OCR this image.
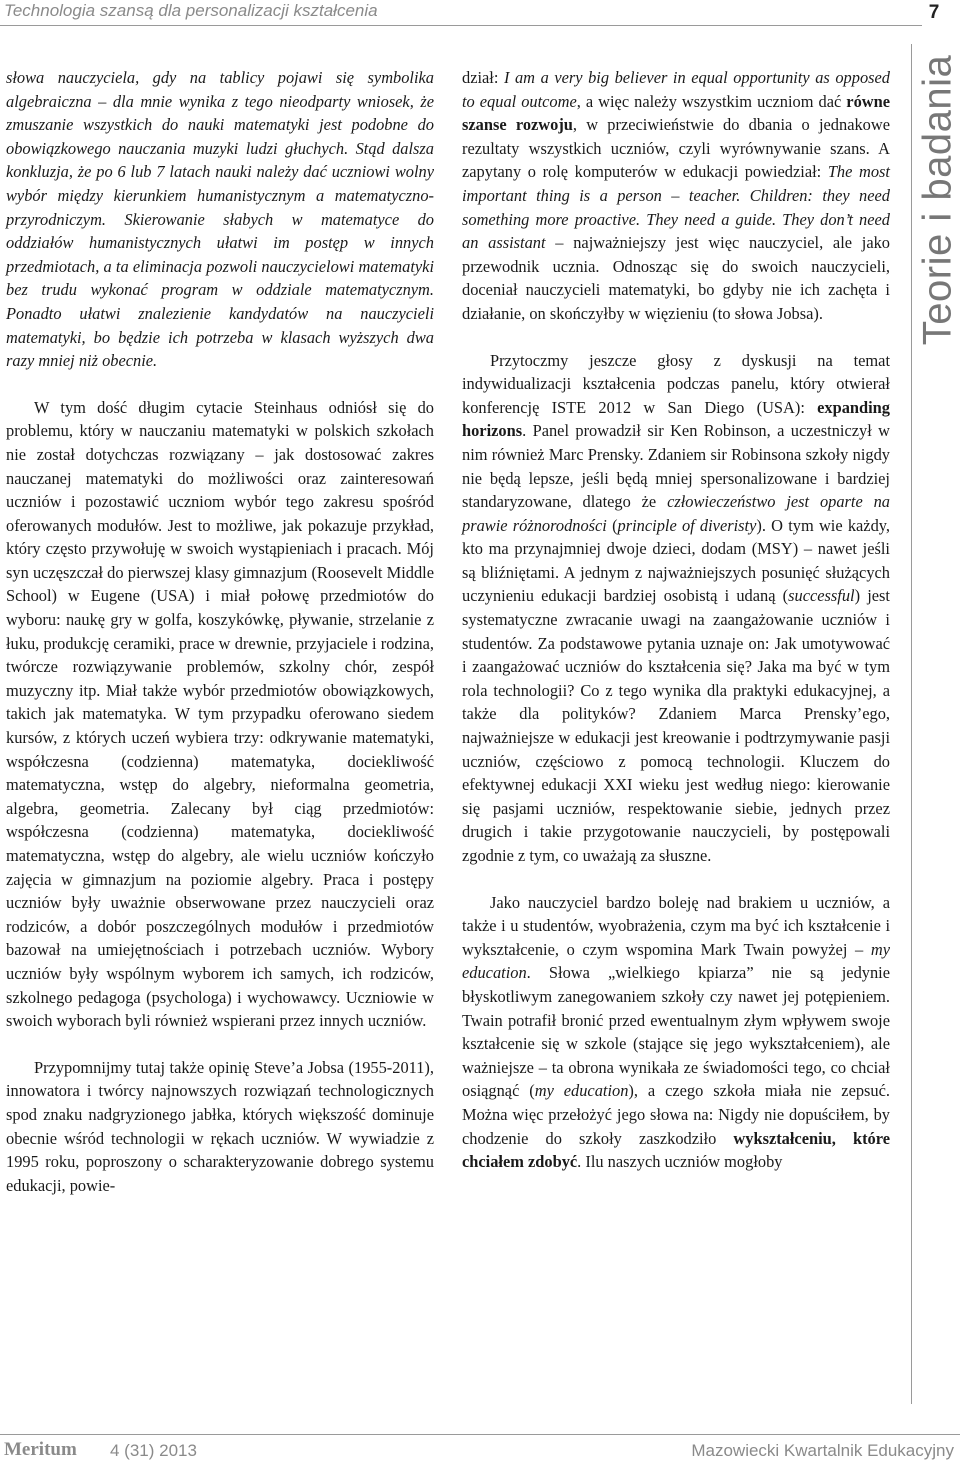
Technologia szansą dla personalizacji kształcenia	7
Teorie i badania

słowa nauczyciela, gdy na tablicy pojawi się symbolika algebraiczna – dla mnie wynika z tego nieodparty wniosek, że zmuszanie wszystkich do nauki matematyki jest podobne do obowiązkowego nauczania muzyki ludzi głuchych. Stąd dalsza konkluzja, że po 6 lub 7 latach nauki należy dać uczniowi wolny wybór między kierunkiem humanistycznym a matematyczno-przyrodniczym. Skierowanie słabych w matematyce do oddziałów humanistycznych ułatwi im postęp w innych przedmiotach, a ta eliminacja pozwoli nauczycielowi matematyki bez trudu wykonać program w oddziale matematycznym. Ponadto ułatwi znalezienie kandydatów na nauczycieli matematyki, bo będzie ich potrzeba w klasach wyższych dwa razy mniej niż obecnie.

W tym dość długim cytacie Steinhaus odniósł się do problemu, który w nauczaniu matematyki w polskich szkołach nie został dotychczas rozwiązany – jak dostosować zakres nauczanej matematyki do możliwości oraz zainteresowań uczniów i pozostawić uczniom wybór tego zakresu spośród oferowanych modułów. Jest to możliwe, jak pokazuje przykład, który często przywołuję w swoich wystąpieniach i pracach. Mój syn uczęszczał do pierwszej klasy gimnazjum (Roosevelt Middle School) w Eugene (USA) i miał połowę przedmiotów do wyboru: naukę gry w golfa, koszykówkę, pływanie, strzelanie z łuku, produkcję ceramiki, prace w drewnie, przyjaciele i rodzina, twórcze rozwiązywanie problemów, szkolny chór, zespół muzyczny itp. Miał także wybór przedmiotów obowiązkowych, takich jak matematyka. W tym przypadku oferowano siedem kursów, z których uczeń wybiera trzy: odkrywanie matematyki, współczesna (codzienna) matematyka, dociekliwość matematyczna, wstęp do algebry, nieformalna geometria, algebra, geometria. Zalecany był ciąg przedmiotów: współczesna (codzienna) matematyka, dociekliwość matematyczna, wstęp do algebry, ale wielu uczniów kończyło zajęcia w gimnazjum na poziomie algebry. Praca i postępy uczniów były uważnie obserwowane przez nauczycieli oraz rodziców, a dobór poszczególnych modułów i przedmiotów bazował na umiejętnościach i potrzebach uczniów. Wybory uczniów były wspólnym wyborem ich samych, ich rodziców, szkolnego pedagoga (psychologa) i wychowawcy. Uczniowie w swoich wyborach byli również wspierani przez innych uczniów.

Przypomnijmy tutaj także opinię Steve’a Jobsa (1955-2011), innowatora i twórcy najnowszych rozwiązań technologicznych spod znaku nadgryzionego jabłka, których większość dominuje obecnie wśród technologii w rękach uczniów. W wywiadzie z 1995 roku, poproszony o scharakteryzowanie dobrego systemu edukacji, powie-

dział: I am a very big believer in equal opportunity as opposed to equal outcome, a więc należy wszystkim uczniom dać równe szanse rozwoju, w przeciwieństwie do dbania o jednakowe rezultaty wszystkich uczniów, czyli wyrównywanie szans. A zapytany o rolę komputerów w edukacji powiedział: The most important thing is a person – teacher. Children: they need something more proactive. They need a guide. They don’t need an assistant – najważniejszy jest więc nauczyciel, ale jako przewodnik ucznia. Odnosząc się do swoich nauczycieli, doceniał nauczycieli matematyki, bo gdyby nie ich zachęta i działanie, on skończyłby w więzieniu (to słowa Jobsa).

Przytoczmy jeszcze głosy z dyskusji na temat indywidualizacji kształcenia podczas panelu, który otwierał konferencję ISTE 2012 w San Diego (USA): expanding horizons. Panel prowadził sir Ken Robinson, a uczestniczył w nim również Marc Prensky. Zdaniem sir Robinsona szkoły nigdy nie będą lepsze, jeśli będą mniej spersonalizowane i bardziej standaryzowane, dlatego że człowieczeństwo jest oparte na prawie różnorodności (principle of diveristy). O tym wie każdy, kto ma przynajmniej dwoje dzieci, dodam (MSY) – nawet jeśli są bliźniętami. A jednym z najważniejszych posunięć służących uczynieniu edukacji bardziej osobistą i udaną (successful) jest systematyczne zwracanie uwagi na zaangażowanie uczniów i studentów. Za podstawowe pytania uznaje on: Jak umotywować i zaangażować uczniów do kształcenia się? Jaka ma być w tym rola technologii? Co z tego wynika dla praktyki edukacyjnej, a także dla polityków? Zdaniem Marca Prensky’ego, najważniejsze w edukacji jest kreowanie i podtrzymywanie pasji uczniów, częściowo z pomocą technologii. Kluczem do efektywnej edukacji XXI wieku jest według niego: kierowanie się pasjami uczniów, respektowanie siebie, jednych przez drugich i takie przygotowanie nauczycieli, by postępowali zgodnie z tym, co uważają za słuszne.

Jako nauczyciel bardzo boleję nad brakiem u uczniów, a także i u studentów, wyobrażenia, czym ma być ich kształcenie i wykształcenie, o czym wspomina Mark Twain powyżej – my education. Słowa „wielkiego kpiarza” nie są jedynie błyskotliwym zanegowaniem szkoły czy nawet jej potępieniem. Twain potrafił bronić przed ewentualnym złym wpływem swoje kształcenie się w szkole (stające się jego wykształceniem), ale ważniejsze – ta obrona wynikała ze świadomości tego, co chciał osiągnąć (my education), a czego szkoła miała nie zepsuć. Można więc przełożyć jego słowa na: Nigdy nie dopuściłem, by chodzenie do szkoły zaszkodziło wykształceniu, które chciałem zdobyć. Ilu naszych uczniów mogłoby

Meritum 4 (31) 2013	Mazowiecki Kwartalnik Edukacyjny
